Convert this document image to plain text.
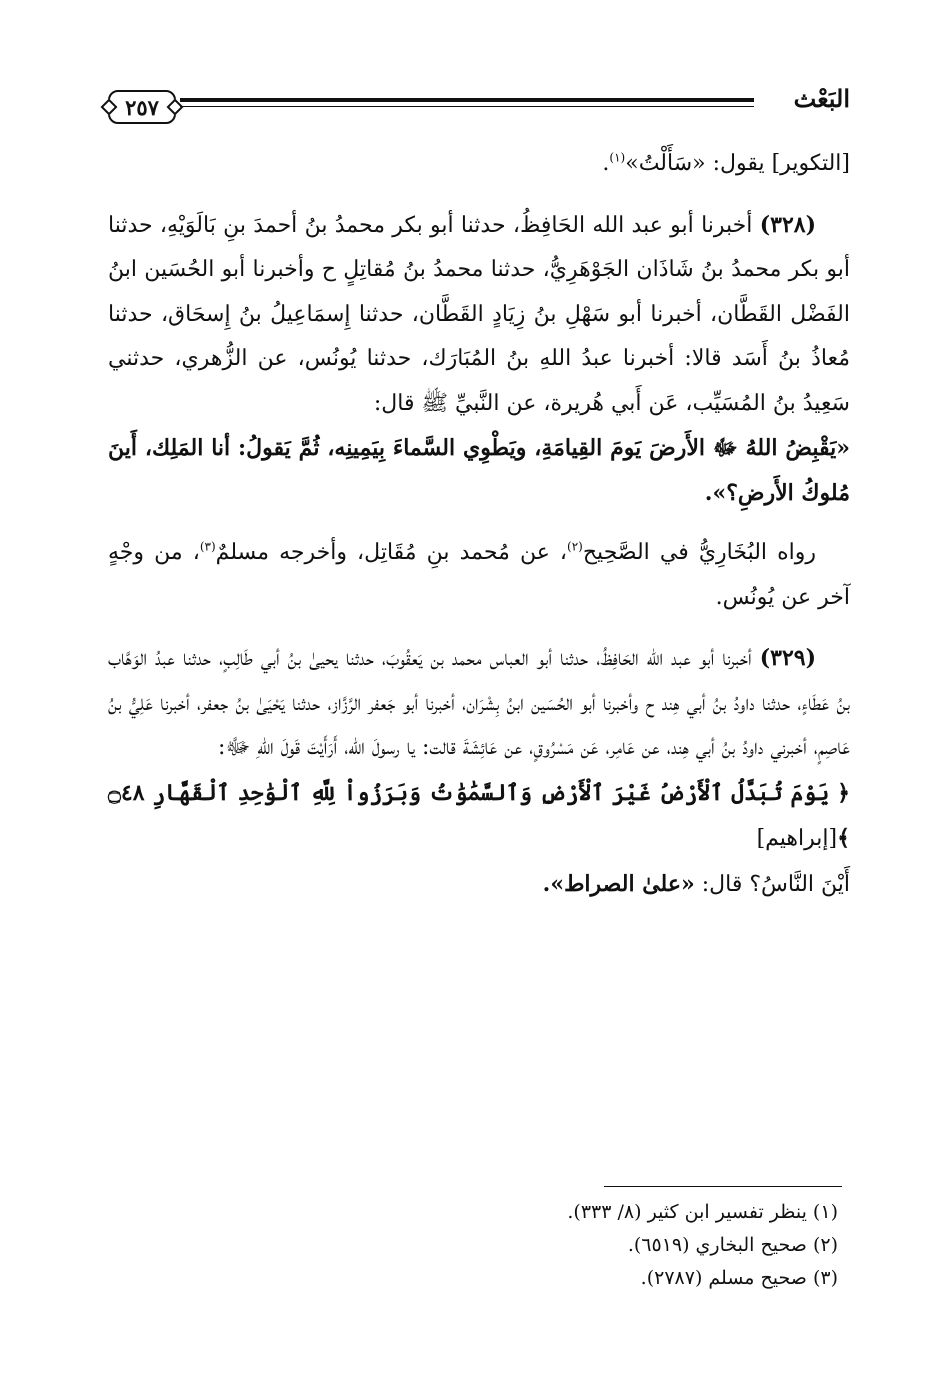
٢٥٧	البَعْث

[التكوير] يقول: «سَأَلْتُ»$^{(١)}$.

(٣٢٨) أخبرنا أبو عبد الله الحَافِظُ، حدثنا أبو بكر محمدُ بنُ أحمدَ بنِ بَالَوَيْهِ، حدثنا أبو بكر محمدُ بنُ شَاذَان الجَوْهَرِيُّ، حدثنا محمدُ بنُ مُقاتِلٍ ح وأخبرنا أبو الحُسَين ابنُ الفَضْل القَطَّان، أخبرنا أبو سَهْلِ بنُ زِيَادٍ القَطَّان، حدثنا إِسمَاعِيلُ بنُ إِسحَاق، حدثنا مُعاذُ بنُ أَسَد قالا: أخبرنا عبدُ اللهِ بنُ المُبَارَك، حدثنا يُونُس، عن الزُّهري، حدثني سَعِيدُ بنُ المُسَيِّب، عَن أَبي هُريرة، عن النَّبيِّ ﷺ قال:

«يَقْبِضُ اللهُ ﷻ الأَرضَ يَومَ القِيامَةِ، ويَطْوِي السَّماءَ بِيَمِينِه، ثُمَّ يَقولُ: أنا المَلِك، أَينَ مُلوكُ الأَرضِ؟».

رواه البُخَارِيُّ في الصَّحِيح$^{(٢)}$، عن مُحمد بنِ مُقَاتِل، وأخرجه مسلمٌ$^{(٣)}$، من وجْهٍ آخر عن يُونُس.

(٣٢٩) أخبرنا أبو عبد الله الحَافِظُ، حدثنا أبو العباس محمد بن يَعقُوبَ، حدثنا يحيىٰ بنُ أبي طَالِبٍ، حدثنا عبدُ الوَهَّاب بنُ عَطَاءٍ، حدثنا داودُ بنُ أبي هِند ح وأخبرنا أبو الحُسَين ابنُ بِشْرَان، أخبرنا أبو جَعفر الرَّزَّاز، حدثنا يَحْيَىٰ بنُ جعفر، أخبرنا عَلِيُّ بنُ عَاصِمٍ، أخبرني داودُ بنُ أبي هِند، عن عَامِر، عَن مَسْرُوقٍ، عن عَائِشَةَ قالت: يا رسولَ الله، أَرَأَيْتَ قَولَ اللهِ ﷻ:

﴿ يَوْمَ تُبَدَّلُ ٱلْأَرْضُ غَيْرَ ٱلْأَرْضِ وَٱلسَّمَٰوَٰتُ وَبَرَزُواْ لِلَّهِ ٱلْوَٰحِدِ ٱلْقَهَّارِ ۝٤٨ ﴾[إبراهيم]

أَيْنَ النَّاسُ؟ قال: «علىٰ الصراط».

(١) ينظر تفسير ابن كثير (٨/ ٣٣٣).

(٢) صحيح البخاري (٦٥١٩).

(٣) صحيح مسلم (٢٧٨٧).
